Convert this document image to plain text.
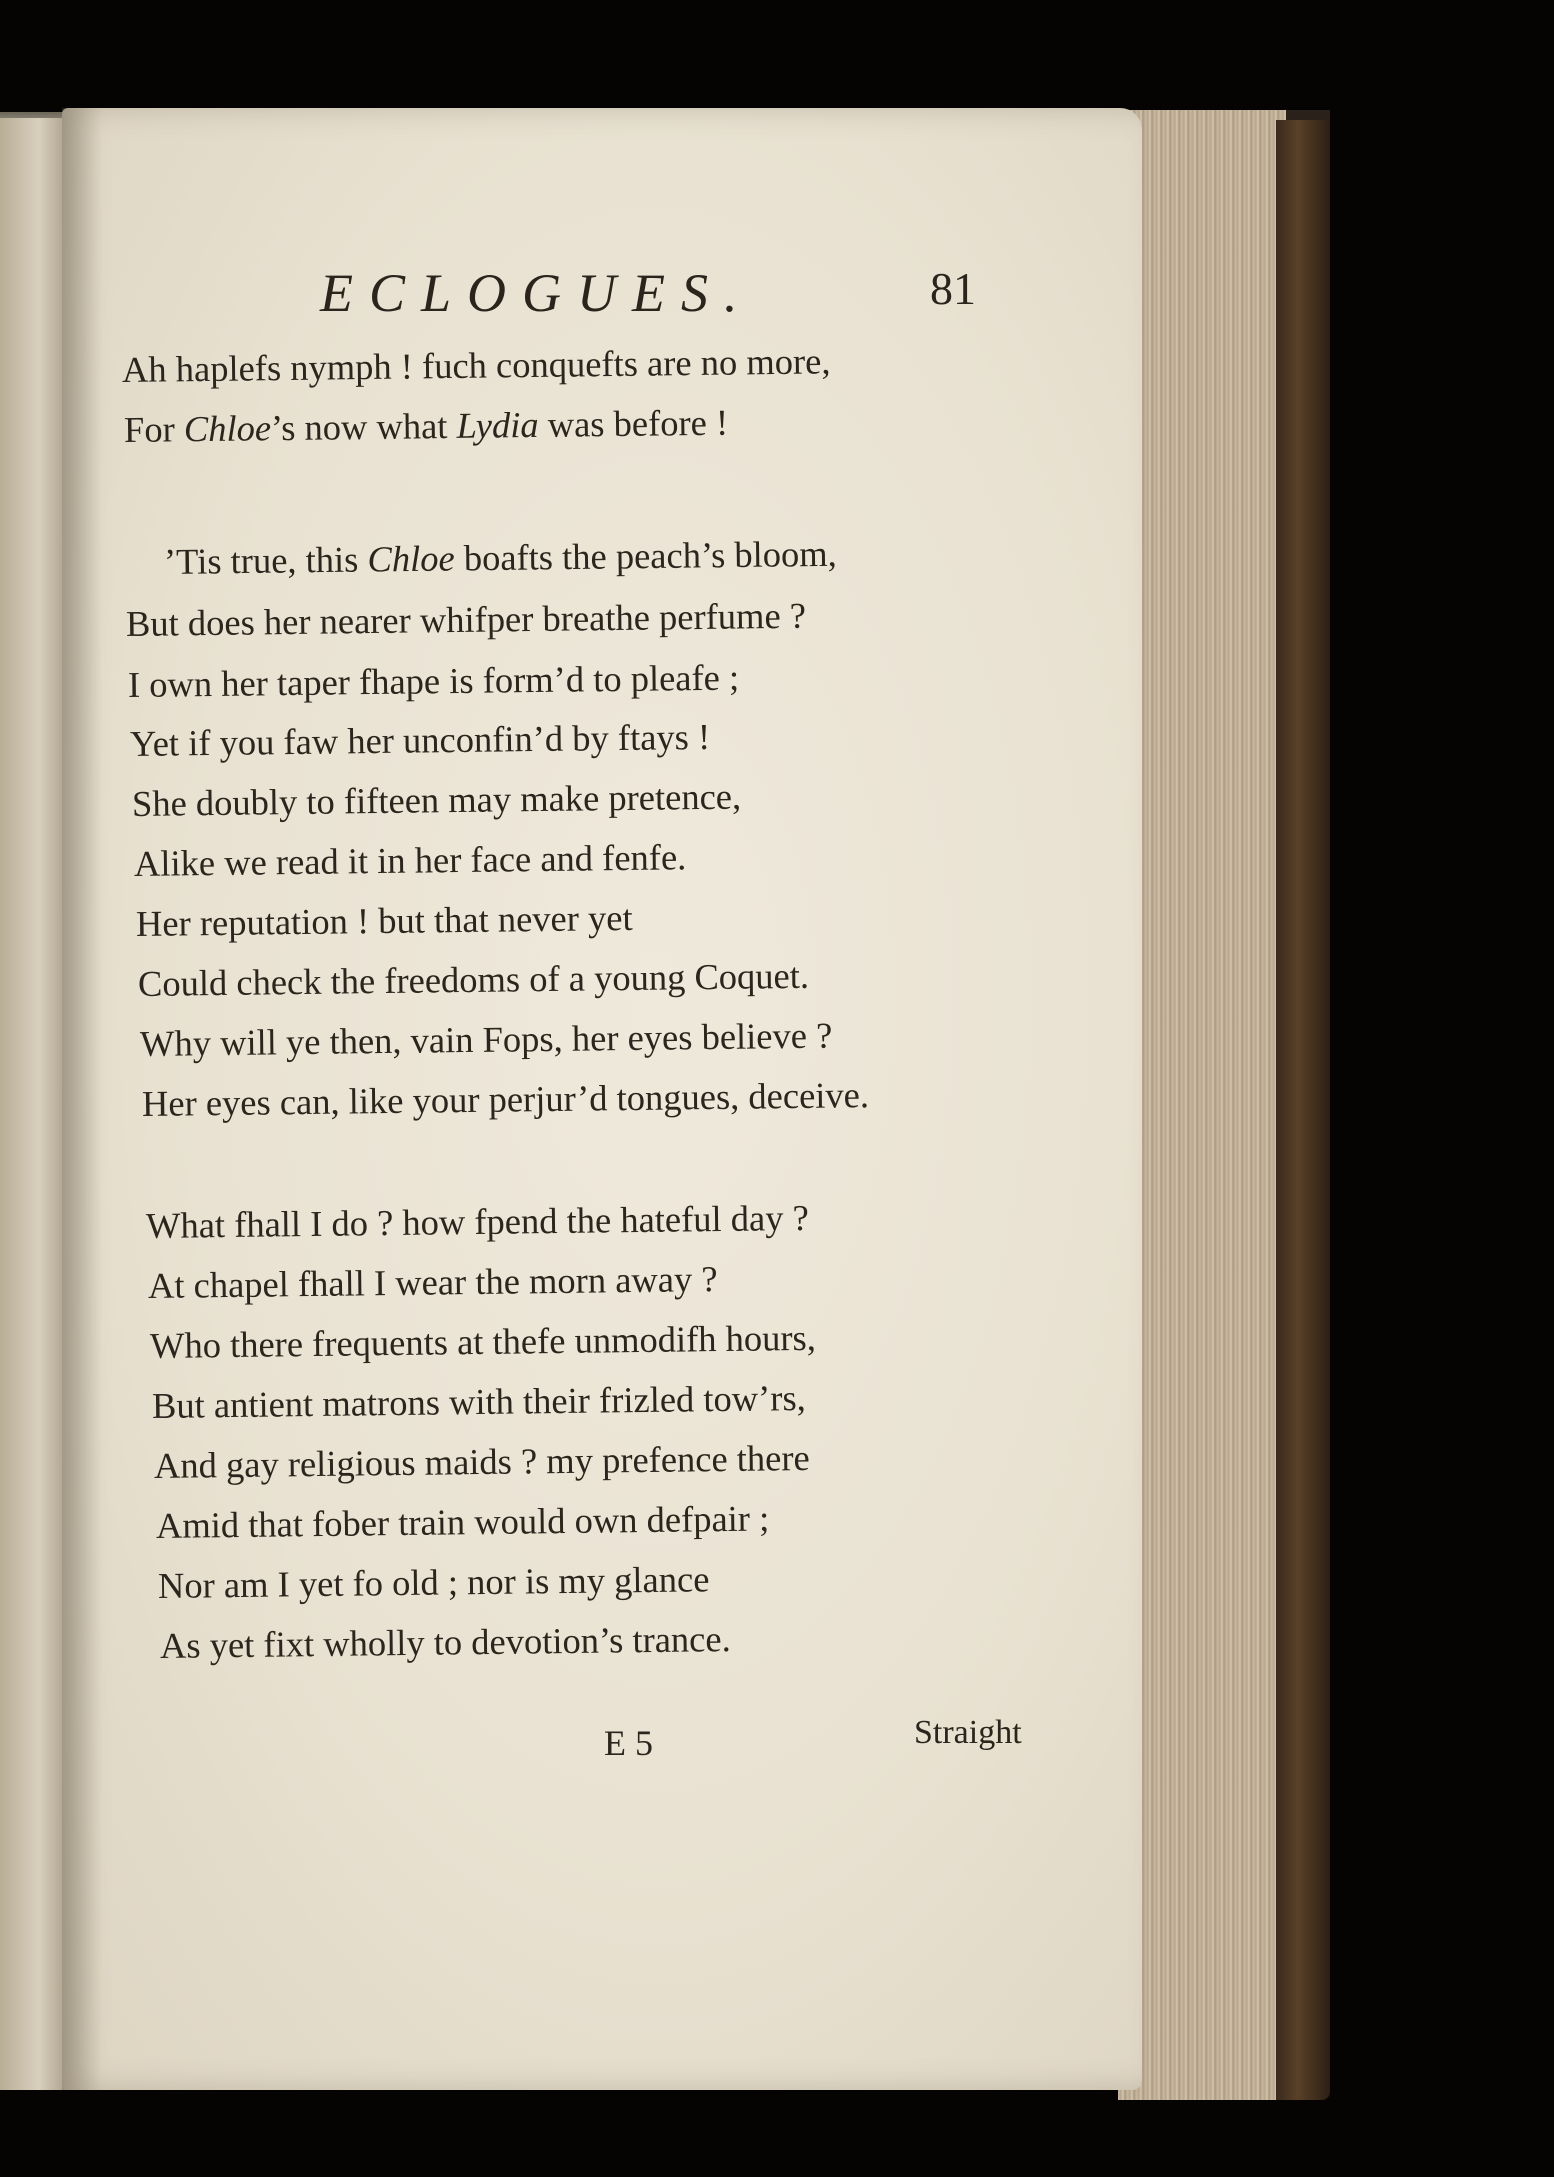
ECLOGUES.	81
Ah haplefs nymph ! fuch conquefts are no more,
For Chloe’s now what Lydia was before !
’Tis true, this Chloe boafts the peach’s bloom,
But does her nearer whifper breathe perfume ?
I own her taper fhape is form’d to pleafe ;
Yet if you faw her unconfin’d by ftays !
She doubly to fifteen may make pretence,
Alike we read it in her face and fenfe.
Her reputation ! but that never yet
Could check the freedoms of a young Coquet.
Why will ye then, vain Fops, her eyes believe ?
Her eyes can, like your perjur’d tongues, deceive.
What fhall I do ? how fpend the hateful day ?
At chapel fhall I wear the morn away ?
Who there frequents at thefe unmodifh hours,
But antient matrons with their frizled tow’rs,
And gay religious maids ? my prefence there
Amid that fober train would own defpair ;
Nor am I yet fo old ; nor is my glance
As yet fixt wholly to devotion’s trance.
E 5	Straight
